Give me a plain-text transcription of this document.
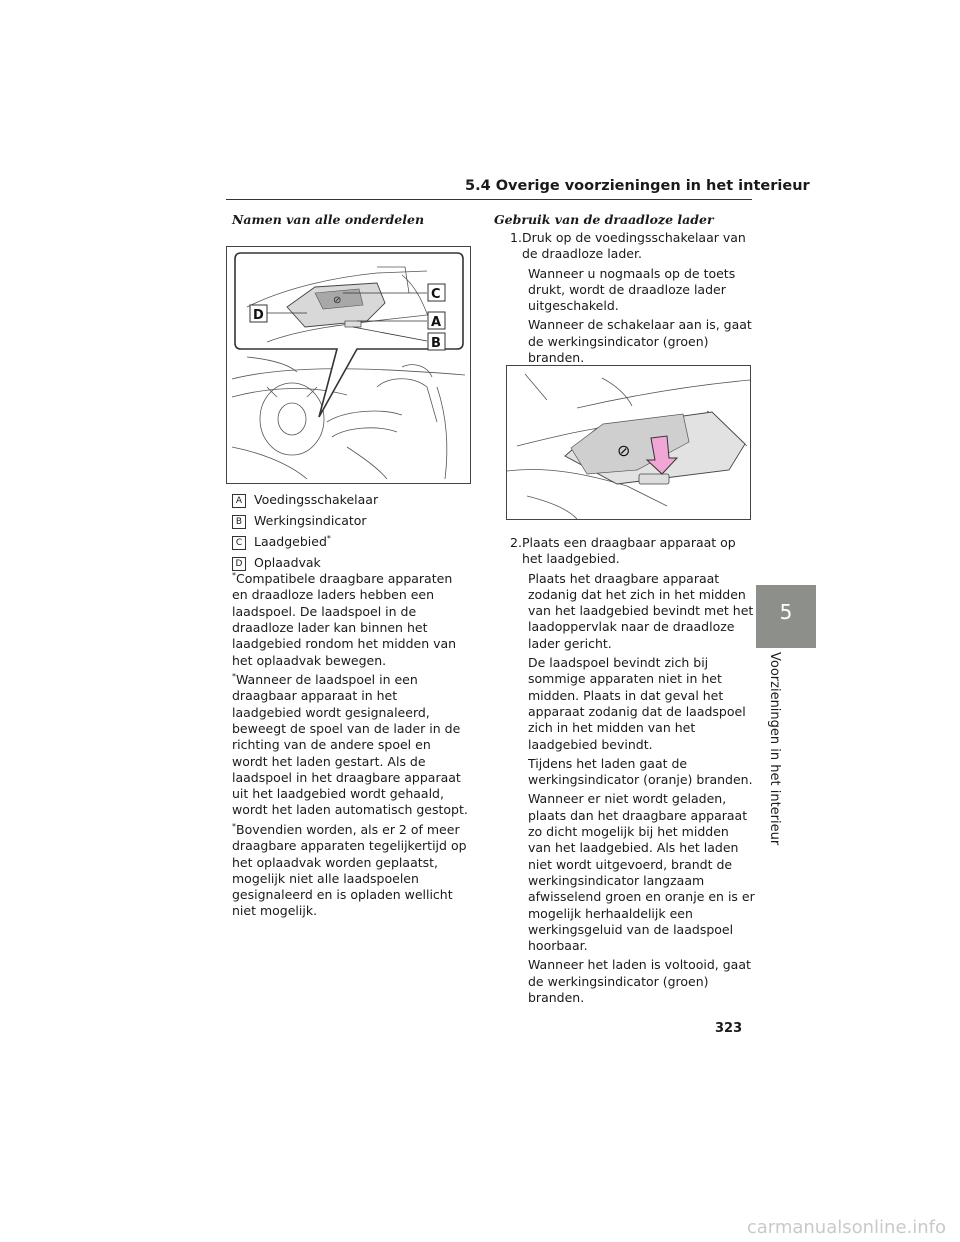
5.4 Overige voorzieningen in het interieur
5
Voorzieningen in het interieur
Namen van alle onderdelen
⊘
D
C
A
B
A Voedingsschakelaar
B Werkingsindicator
C Laadgebied*
D Oplaadvak

*Compatibele draagbare apparaten en draadloze laders hebben een laadspoel. De laadspoel in de draadloze lader kan binnen het laadgebied rondom het midden van het oplaadvak bewegen.

*Wanneer de laadspoel in een draagbaar apparaat in het laadgebied wordt gesignaleerd, beweegt de spoel van de lader in de richting van de andere spoel en wordt het laden gestart. Als de laadspoel in het draagbare apparaat uit het laadgebied wordt gehaald, wordt het laden automatisch gestopt.

*Bovendien worden, als er 2 of meer draagbare apparaten tegelijkertijd op het oplaadvak worden geplaatst, mogelijk niet alle laadspoelen gesignaleerd en is opladen wellicht niet mogelijk.

Gebruik van de draadloze lader
1. Druk op de voedingsschakelaar van de draadloze lader.
Wanneer u nogmaals op de toets drukt, wordt de draadloze lader uitgeschakeld.
Wanneer de schakelaar aan is, gaat de werkingsindicator (groen) branden.
⊘
2. Plaats een draagbaar apparaat op het laadgebied.
Plaats het draagbare apparaat zodanig dat het zich in het midden van het laadgebied bevindt met het laadoppervlak naar de draadloze lader gericht.
De laadspoel bevindt zich bij sommige apparaten niet in het midden. Plaats in dat geval het apparaat zodanig dat de laadspoel zich in het midden van het laadgebied bevindt.
Tijdens het laden gaat de werkingsindicator (oranje) branden.
Wanneer er niet wordt geladen, plaats dan het draagbare apparaat zo dicht mogelijk bij het midden van het laadgebied. Als het laden niet wordt uitgevoerd, brandt de werkingsindicator langzaam afwisselend groen en oranje en is er mogelijk herhaaldelijk een werkingsgeluid van de laadspoel hoorbaar.
Wanneer het laden is voltooid, gaat de werkingsindicator (groen) branden.
323
carmanualsonline.info
